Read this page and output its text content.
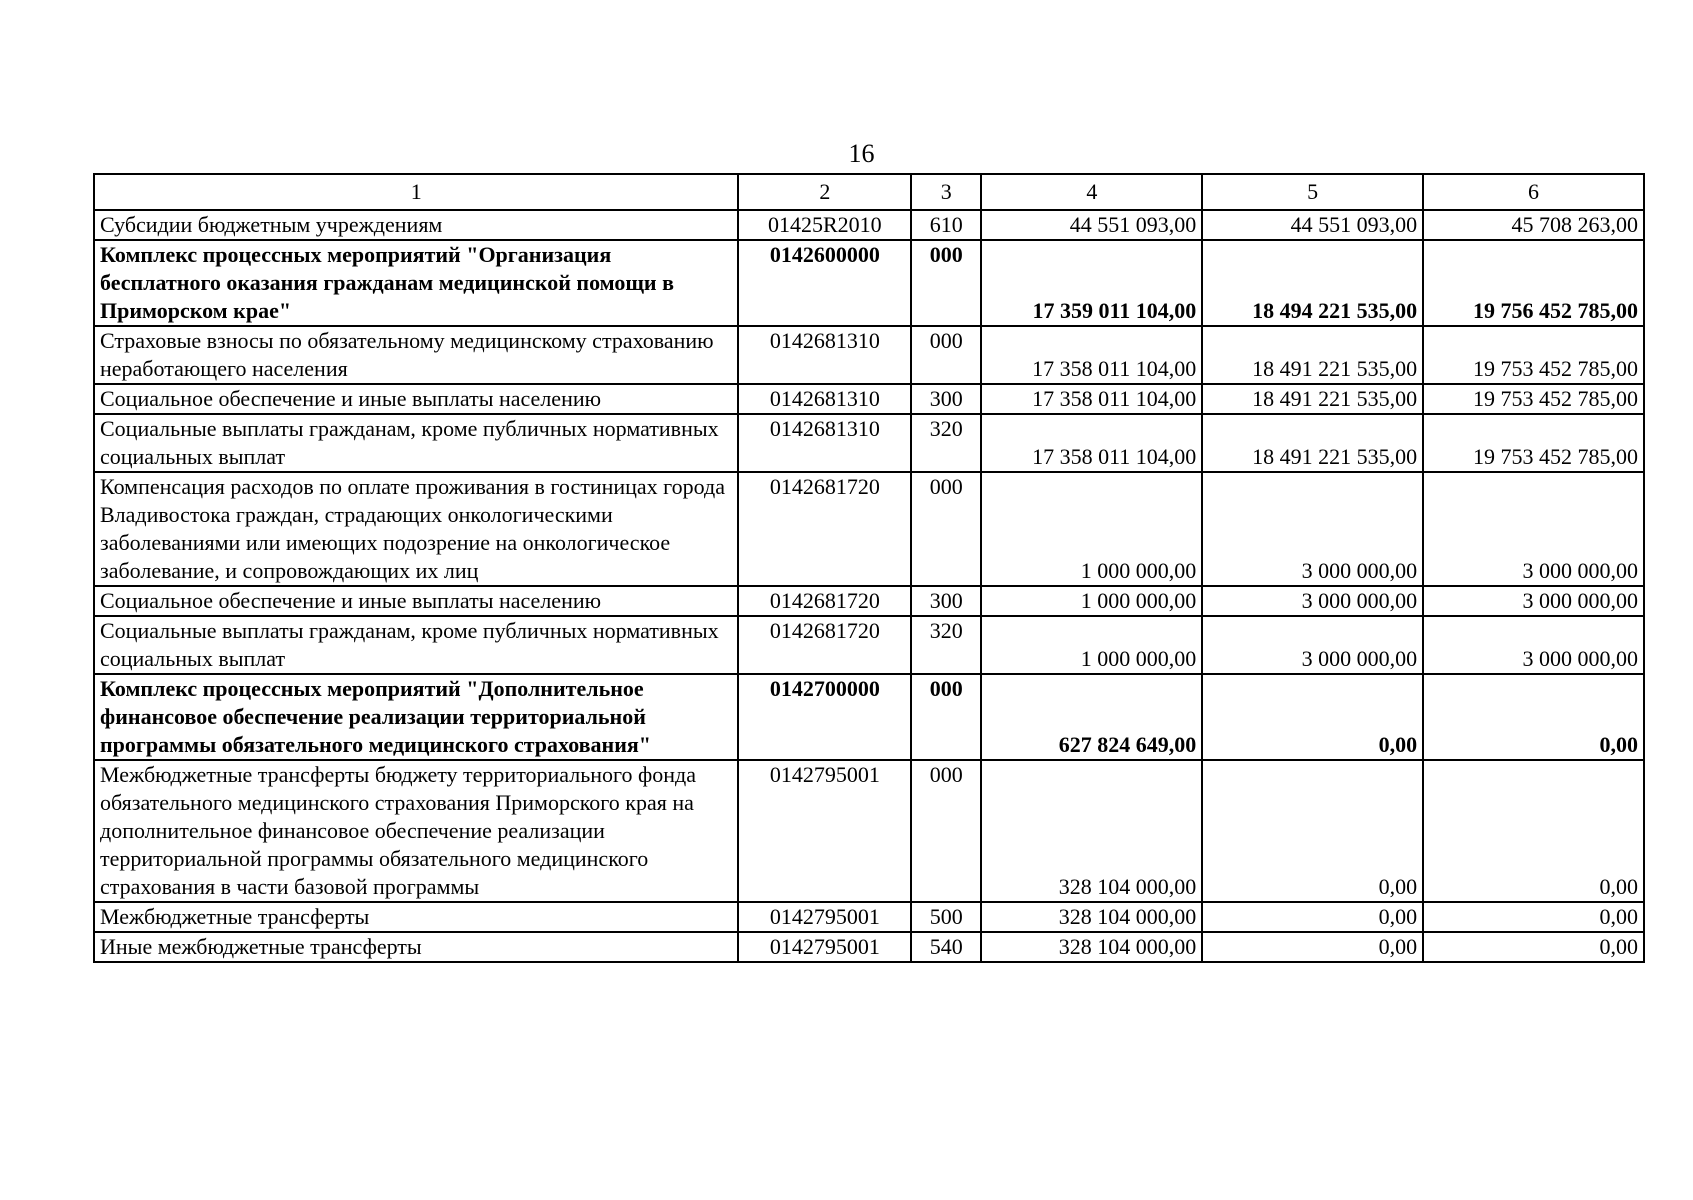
16
1	2	3	4	5	6
Субсидии бюджетным учреждениям	01425R2010	610	44 551 093,00	44 551 093,00	45 708 263,00
Комплекс процессных мероприятий "Организация бесплатного оказания гражданам медицинской помощи в Приморском крае"	0142600000	000	17 359 011 104,00	18 494 221 535,00	19 756 452 785,00
Страховые взносы по обязательному медицинскому страхованию неработающего населения	0142681310	000	17 358 011 104,00	18 491 221 535,00	19 753 452 785,00
Социальное обеспечение и иные выплаты населению	0142681310	300	17 358 011 104,00	18 491 221 535,00	19 753 452 785,00
Социальные выплаты гражданам, кроме публичных нормативных социальных выплат	0142681310	320	17 358 011 104,00	18 491 221 535,00	19 753 452 785,00
Компенсация расходов по оплате проживания в гостиницах города Владивостока граждан, страдающих онкологическими заболеваниями или имеющих подозрение на онкологическое заболевание, и сопровождающих их лиц	0142681720	000	1 000 000,00	3 000 000,00	3 000 000,00
Социальное обеспечение и иные выплаты населению	0142681720	300	1 000 000,00	3 000 000,00	3 000 000,00
Социальные выплаты гражданам, кроме публичных нормативных социальных выплат	0142681720	320	1 000 000,00	3 000 000,00	3 000 000,00
Комплекс процессных мероприятий "Дополнительное финансовое обеспечение реализации территориальной программы обязательного медицинского страхования"	0142700000	000	627 824 649,00	0,00	0,00
Межбюджетные трансферты бюджету территориального фонда обязательного медицинского страхования Приморского края на дополнительное финансовое обеспечение реализации территориальной программы обязательного медицинского страхования в части базовой программы	0142795001	000	328 104 000,00	0,00	0,00
Межбюджетные трансферты	0142795001	500	328 104 000,00	0,00	0,00
Иные межбюджетные трансферты	0142795001	540	328 104 000,00	0,00	0,00
